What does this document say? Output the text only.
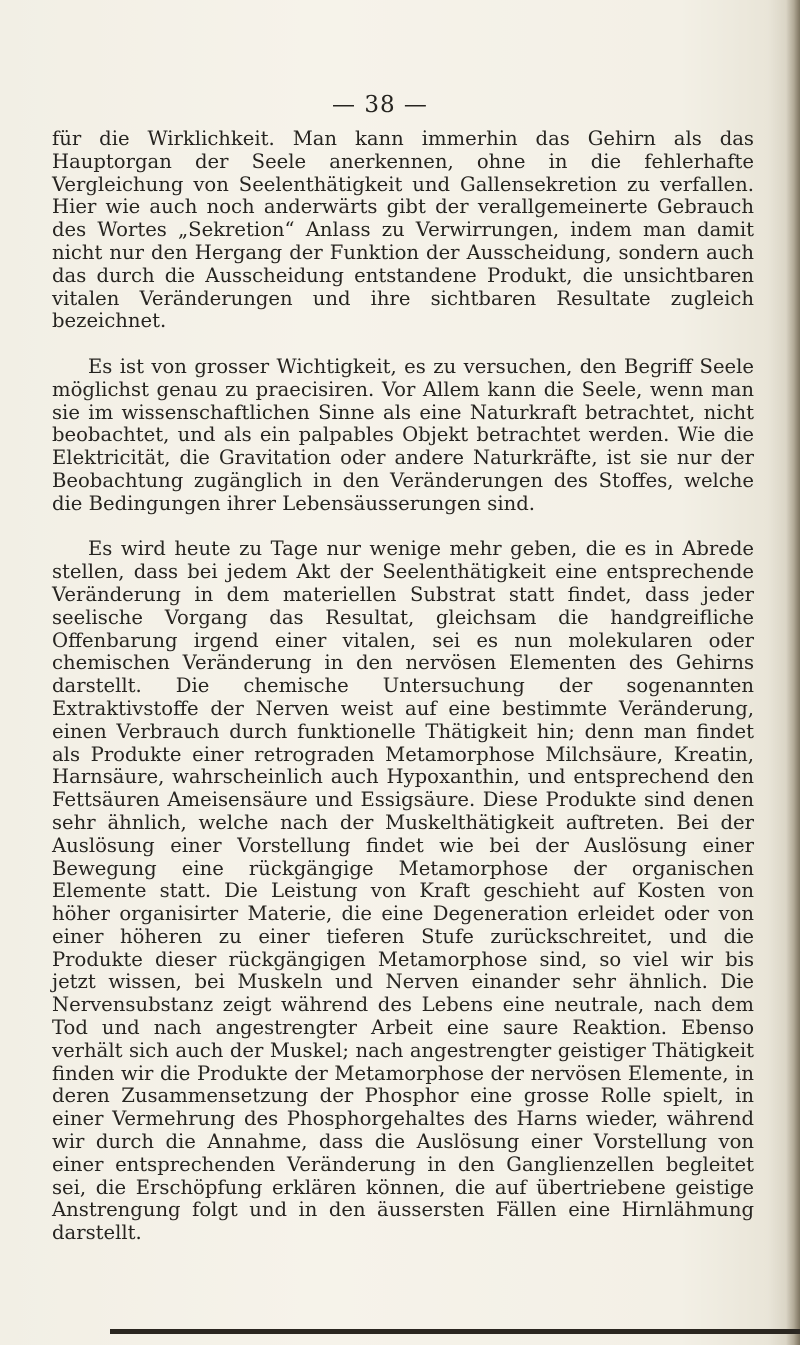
— 38 —

für die Wirklichkeit. Man kann immerhin das Gehirn als das Hauptorgan der Seele anerkennen, ohne in die fehlerhafte Vergleichung von Seelenthätigkeit und Gallensekretion zu verfallen. Hier wie auch noch anderwärts gibt der verallgemeinerte Gebrauch des Wortes „Sekretion“ Anlass zu Verwirrungen, indem man damit nicht nur den Hergang der Funktion der Ausscheidung, sondern auch das durch die Ausscheidung entstandene Produkt, die unsichtbaren vitalen Veränderungen und ihre sichtbaren Resultate zugleich bezeichnet.

Es ist von grosser Wichtigkeit, es zu versuchen, den Begriff Seele möglichst genau zu praecisiren. Vor Allem kann die Seele, wenn man sie im wissenschaftlichen Sinne als eine Naturkraft betrachtet, nicht beobachtet, und als ein palpables Objekt betrachtet werden. Wie die Elektricität, die Gravitation oder andere Naturkräfte, ist sie nur der Beobachtung zugänglich in den Veränderungen des Stoffes, welche die Bedingungen ihrer Lebensäusserungen sind.

Es wird heute zu Tage nur wenige mehr geben, die es in Abrede stellen, dass bei jedem Akt der Seelenthätigkeit eine entsprechende Veränderung in dem materiellen Substrat statt findet, dass jeder seelische Vorgang das Resultat, gleichsam die handgreifliche Offenbarung irgend einer vitalen, sei es nun molekularen oder chemischen Veränderung in den nervösen Elementen des Gehirns darstellt. Die chemische Untersuchung der sogenannten Extraktivstoffe der Nerven weist auf eine bestimmte Veränderung, einen Verbrauch durch funktionelle Thätigkeit hin; denn man findet als Produkte einer retrograden Metamorphose Milchsäure, Kreatin, Harnsäure, wahrscheinlich auch Hypoxanthin, und entsprechend den Fettsäuren Ameisensäure und Essigsäure. Diese Produkte sind denen sehr ähnlich, welche nach der Muskelthätigkeit auftreten. Bei der Auslösung einer Vorstellung findet wie bei der Auslösung einer Bewegung eine rückgängige Metamorphose der organischen Elemente statt. Die Leistung von Kraft geschieht auf Kosten von höher organisirter Materie, die eine Degeneration erleidet oder von einer höheren zu einer tieferen Stufe zurückschreitet, und die Produkte dieser rückgängigen Metamorphose sind, so viel wir bis jetzt wissen, bei Muskeln und Nerven einander sehr ähnlich. Die Nervensubstanz zeigt während des Lebens eine neutrale, nach dem Tod und nach angestrengter Arbeit eine saure Reaktion. Ebenso verhält sich auch der Muskel; nach angestrengter geistiger Thätigkeit finden wir die Produkte der Metamorphose der nervösen Elemente, in deren Zusammensetzung der Phosphor eine grosse Rolle spielt, in einer Vermehrung des Phosphorgehaltes des Harns wieder, während wir durch die Annahme, dass die Auslösung einer Vorstellung von einer entsprechenden Veränderung in den Ganglienzellen begleitet sei, die Erschöpfung erklären können, die auf übertriebene geistige Anstrengung folgt und in den äussersten Fällen eine Hirnlähmung darstellt.
